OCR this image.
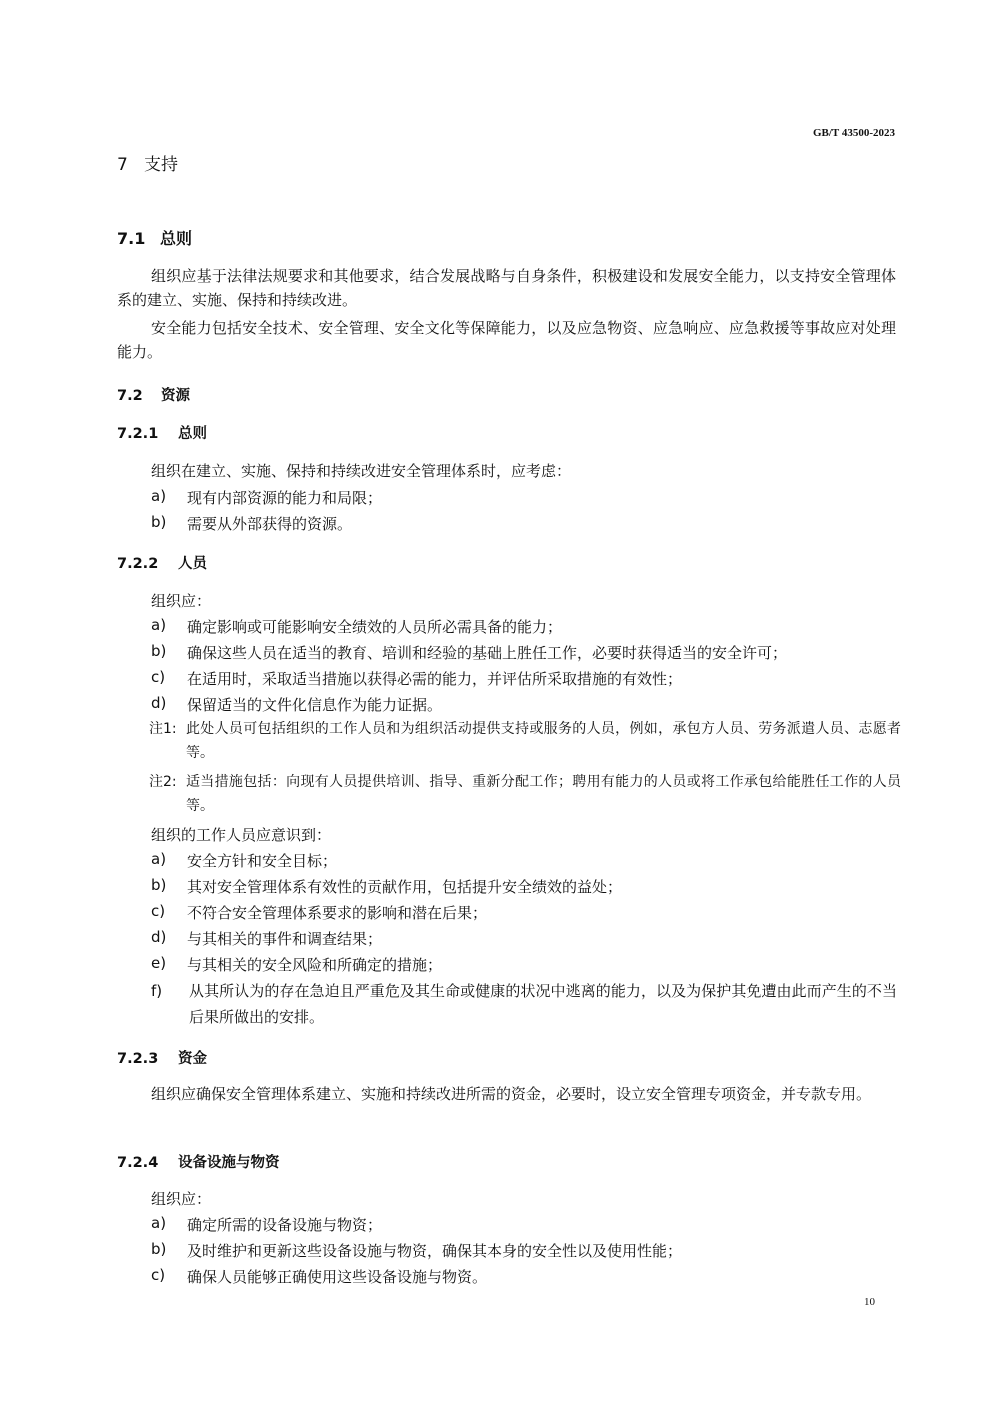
GB/T 43500-2023
7 支持
7.1 总则
组织应基于法律法规要求和其他要求，结合发展战略与自身条件，积极建设和发展安全能力，以支持安全管理体系的建立、实施、保持和持续改进。
安全能力包括安全技术、安全管理、安全文化等保障能力，以及应急物资、应急响应、应急救援等事故应对处理能力。
7.2 资源
7.2.1 总则
组织在建立、实施、保持和持续改进安全管理体系时，应考虑：
a) 现有内部资源的能力和局限；
b) 需要从外部获得的资源。
7.2.2 人员
组织应：
a) 确定影响或可能影响安全绩效的人员所必需具备的能力；
b) 确保这些人员在适当的教育、培训和经验的基础上胜任工作，必要时获得适当的安全许可；
c) 在适用时，采取适当措施以获得必需的能力，并评估所采取措施的有效性；
d) 保留适当的文件化信息作为能力证据。
注1: 此处人员可包括组织的工作人员和为组织活动提供支持或服务的人员，例如，承包方人员、劳务派遣人员、志愿者等。
注2: 适当措施包括：向现有人员提供培训、指导、重新分配工作；聘用有能力的人员或将工作承包给能胜任工作的人员等。
组织的工作人员应意识到：
a) 安全方针和安全目标；
b) 其对安全管理体系有效性的贡献作用，包括提升安全绩效的益处；
c) 不符合安全管理体系要求的影响和潜在后果；
d) 与其相关的事件和调查结果；
e) 与其相关的安全风险和所确定的措施；
f) 从其所认为的存在急迫且严重危及其生命或健康的状况中逃离的能力，以及为保护其免遭由此而产生的不当后果所做出的安排。
7.2.3 资金
组织应确保安全管理体系建立、实施和持续改进所需的资金，必要时，设立安全管理专项资金，并专款专用。
7.2.4 设备设施与物资
组织应：
a) 确定所需的设备设施与物资；
b) 及时维护和更新这些设备设施与物资，确保其本身的安全性以及使用性能；
c) 确保人员能够正确使用这些设备设施与物资。
10
